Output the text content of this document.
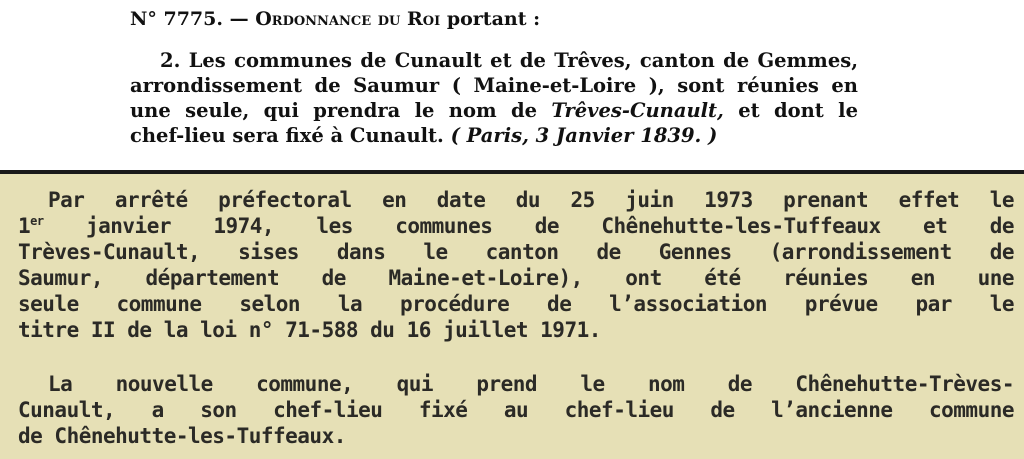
N° 7775. — Ordonnance du Roi portant :
2. Les communes de Cunault et de Trêves, canton de Gemmes,
arrondissement de Saumur ( Maine-et-Loire ), sont réunies en
une seule, qui prendra le nom de Trêves-Cunault, et dont le
chef-lieu sera fixé à Cunault. ( Paris, 3 Janvier 1839. )
Par arrêté préfectoral en date du 25 juin 1973 prenant effet le
1er janvier 1974, les communes de Chênehutte-les-Tuffeaux et de
Trèves-Cunault, sises dans le canton de Gennes (arrondissement de
Saumur, département de Maine-et-Loire), ont été réunies en une
seule commune selon la procédure de l’association prévue par le
titre II de la loi n° 71-588 du 16 juillet 1971.
La nouvelle commune, qui prend le nom de Chênehutte-Trèves-
Cunault, a son chef-lieu fixé au chef-lieu de l’ancienne commune
de Chênehutte-les-Tuffeaux.
